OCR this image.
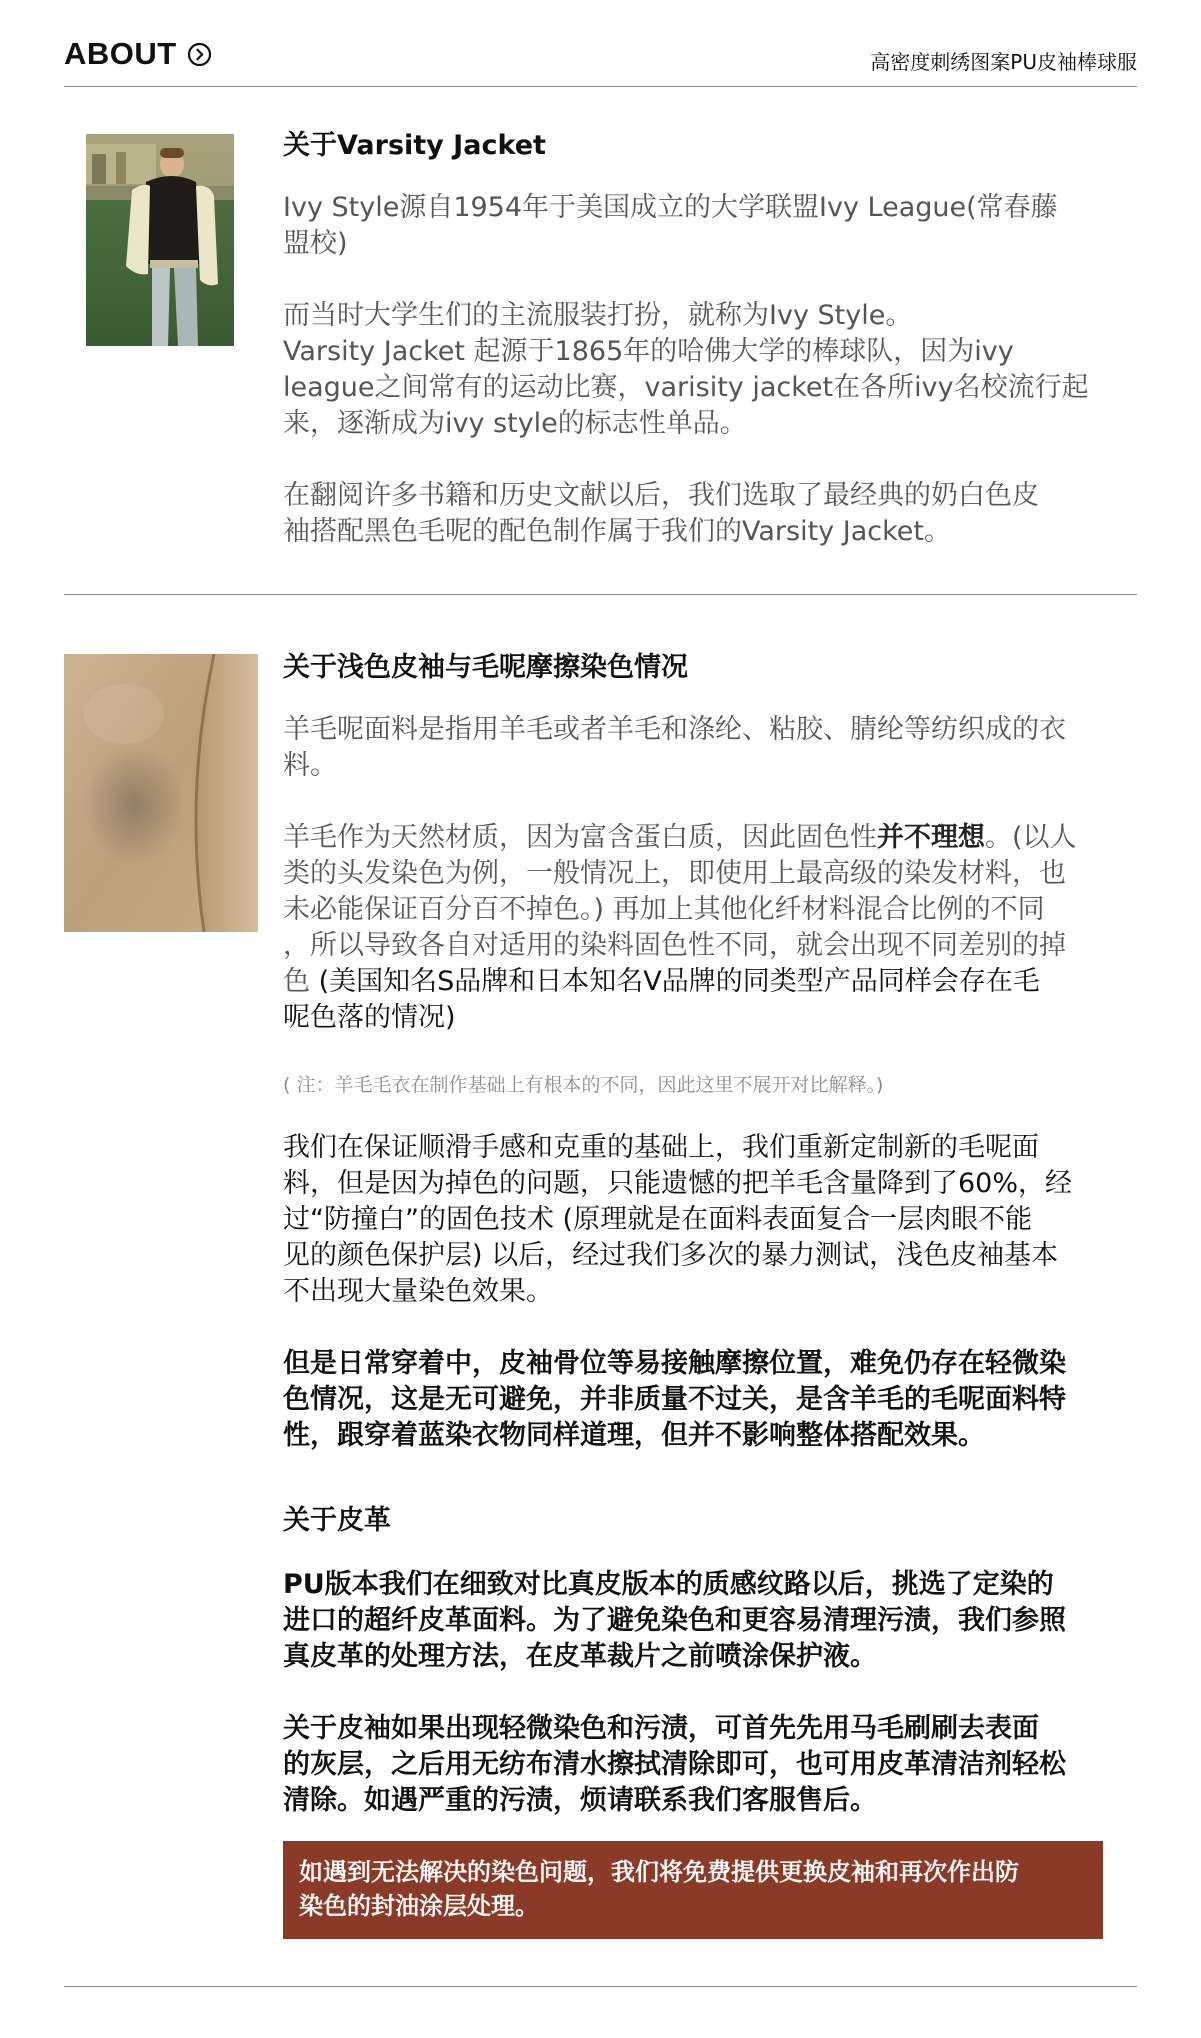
ABOUT	高密度刺绣图案PU皮袖棒球服
关于Varsity Jacket

Ivy Style源自1954年于美国成立的大学联盟Ivy League(常春藤
盟校)

而当时大学生们的主流服装打扮，就称为Ivy Style。
Varsity Jacket 起源于1865年的哈佛大学的棒球队，因为ivy
league之间常有的运动比赛，varisity jacket在各所ivy名校流行起
来，逐渐成为ivy style的标志性单品。

在翻阅许多书籍和历史文献以后，我们选取了最经典的奶白色皮
袖搭配黑色毛呢的配色制作属于我们的Varsity Jacket。

关于浅色皮袖与毛呢摩擦染色情况

羊毛呢面料是指用羊毛或者羊毛和涤纶、粘胶、腈纶等纺织成的衣
料。

羊毛作为天然材质，因为富含蛋白质，因此固色性并不理想。(以人
类的头发染色为例，一般情况上，即使用上最高级的染发材料，也
未必能保证百分百不掉色。) 再加上其他化纤材料混合比例的不同
，所以导致各自对适用的染料固色性不同，就会出现不同差别的掉
色 (美国知名S品牌和日本知名V品牌的同类型产品同样会存在毛
呢色落的情况)

( 注：羊毛毛衣在制作基础上有根本的不同，因此这里不展开对比解释。)

我们在保证顺滑手感和克重的基础上，我们重新定制新的毛呢面
料，但是因为掉色的问题，只能遗憾的把羊毛含量降到了60%，经
过“防撞白”的固色技术 (原理就是在面料表面复合一层肉眼不能
见的颜色保护层) 以后，经过我们多次的暴力测试，浅色皮袖基本
不出现大量染色效果。

但是日常穿着中，皮袖骨位等易接触摩擦位置，难免仍存在轻微染
色情况，这是无可避免，并非质量不过关，是含羊毛的毛呢面料特
性，跟穿着蓝染衣物同样道理，但并不影响整体搭配效果。

关于皮革

PU版本我们在细致对比真皮版本的质感纹路以后，挑选了定染的
进口的超纤皮革面料。为了避免染色和更容易清理污渍，我们参照
真皮革的处理方法，在皮革裁片之前喷涂保护液。

关于皮袖如果出现轻微染色和污渍，可首先先用马毛刷刷去表面
的灰层，之后用无纺布清水擦拭清除即可，也可用皮革清洁剂轻松
清除。如遇严重的污渍，烦请联系我们客服售后。

如遇到无法解决的染色问题，我们将免费提供更换皮袖和再次作出防
染色的封油涂层处理。
